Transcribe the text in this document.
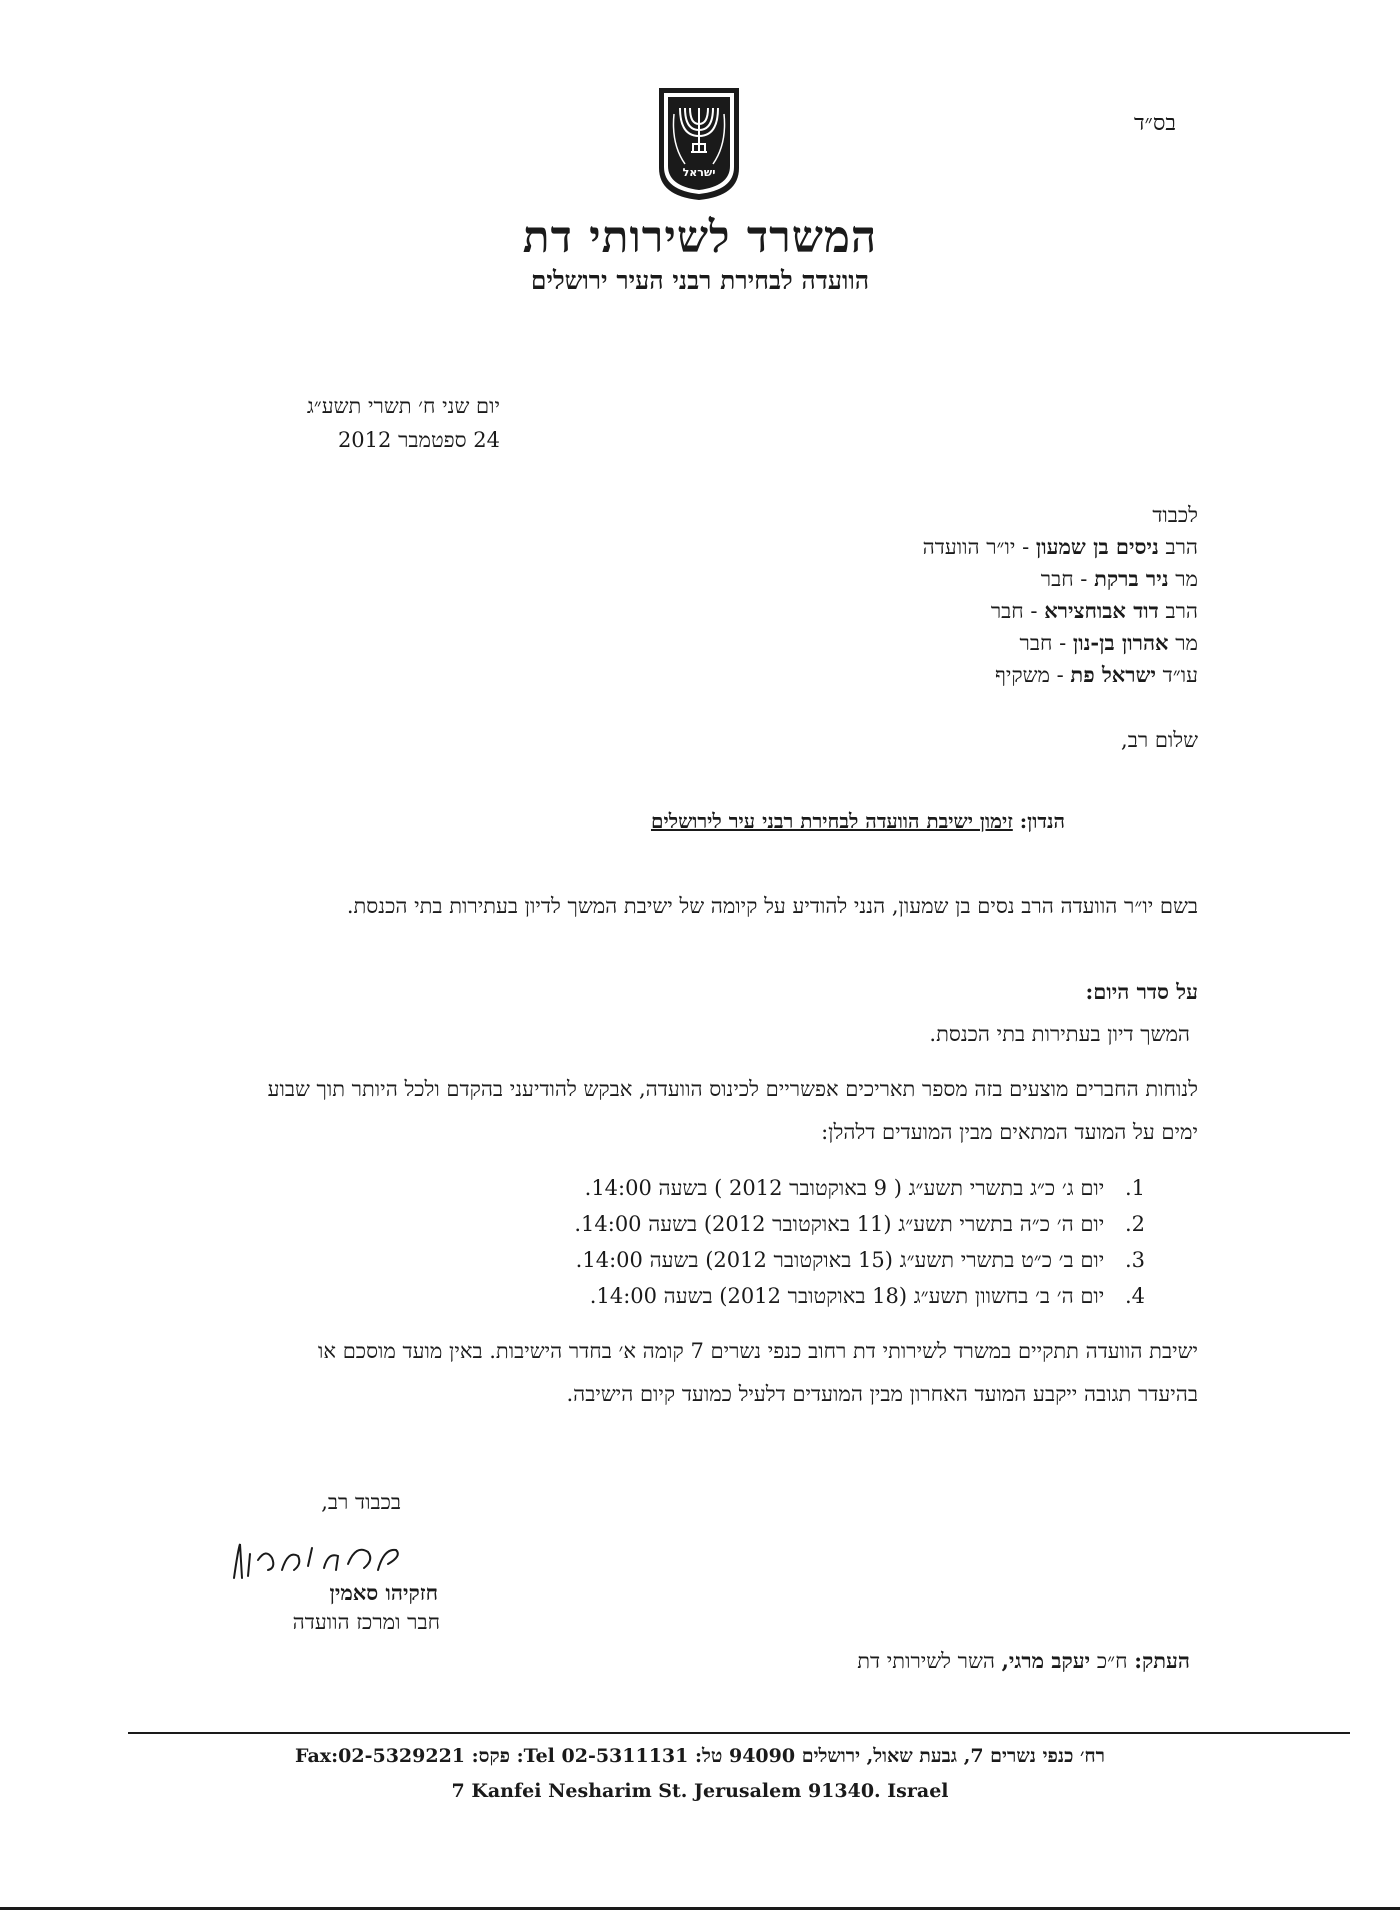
ישראל
בס״ד
המשרד לשירותי דת
הוועדה לבחירת רבני העיר ירושלים
יום שני ח׳ תשרי תשע״ג
24 ספטמבר 2012
לכבוד
הרב ניסים בן שמעון - יו״ר הוועדה
מר ניר ברקת - חבר
הרב דוד אבוחצירא - חבר
מר אהרון בן-נון - חבר
עו״ד ישראל פת - משקיף
שלום רב,
הנדון: זימון ישיבת הוועדה לבחירת רבני עיר לירושלים
בשם יו״ר הוועדה הרב נסים בן שמעון, הנני להודיע על קיומה של ישיבת המשך לדיון בעתירות בתי הכנסת.
על סדר היום:
המשך דיון בעתירות בתי הכנסת.
לנוחות החברים מוצעים בזה מספר תאריכים אפשריים לכינוס הוועדה, אבקש להודיעני בהקדם ולכל היותר תוך שבוע ימים על המועד המתאים מבין המועדים דלהלן:
1. יום ג׳ כ״ג בתשרי תשע״ג ( 9 באוקטובר 2012 ) בשעה 14:00.
2. יום ה׳ כ״ה בתשרי תשע״ג (11 באוקטובר 2012) בשעה 14:00.
3. יום ב׳ כ״ט בתשרי תשע״ג (15 באוקטובר 2012) בשעה 14:00.
4. יום ה׳ ב׳ בחשוון תשע״ג (18 באוקטובר 2012) בשעה 14:00.
ישיבת הוועדה תתקיים במשרד לשירותי דת רחוב כנפי נשרים 7 קומה א׳ בחדר הישיבות. באין מועד מוסכם או בהיעדר תגובה ייקבע המועד האחרון מבין המועדים דלעיל כמועד קיום הישיבה.
בכבוד רב,
חזקיהו סאמין
חבר ומרכז הוועדה
העתק: ח״כ יעקב מרגי, השר לשירותי דת
רח׳ כנפי נשרים 7, גבעת שאול, ירושלים 94090 טל: 02-5311131 Tel: פקס: Fax:02-5329221
7 Kanfei Nesharim St. Jerusalem 91340. Israel
